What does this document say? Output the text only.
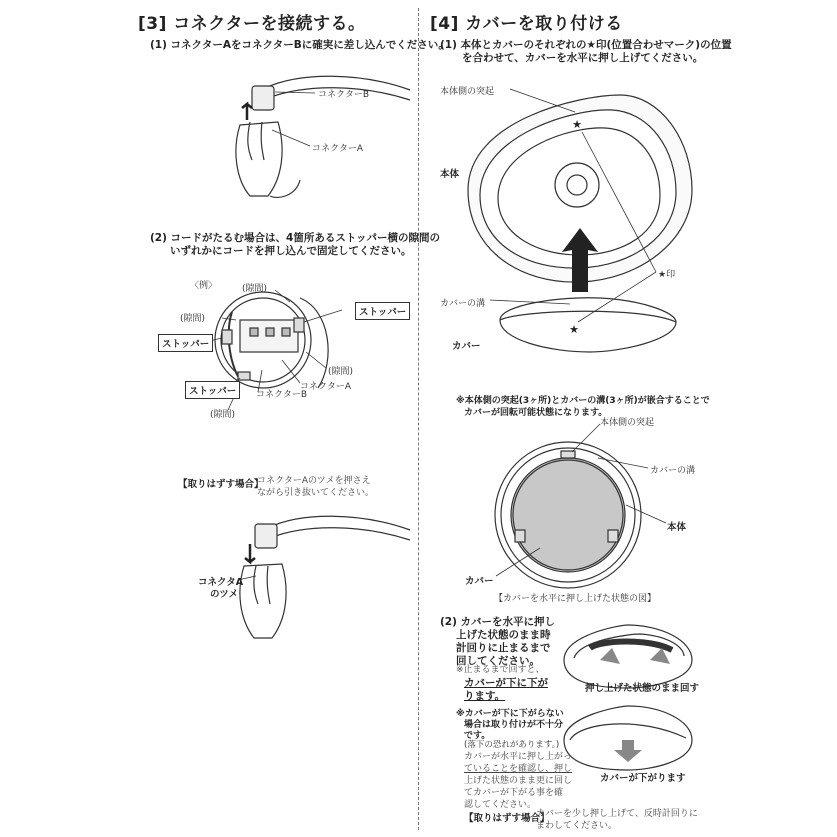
[3] コネクターを接続する。
(1) コネクターAをコネクターBに確実に差し込んでください。
★
★
コネクターB
コネクターA
(2) コードがたるむ場合は、4箇所あるストッパー横の隙間の
いずれかにコードを押し込んで固定してください。
〈例〉	(隙間)
(隙間)
ストッパー
ストッパー
(隙間)
ストッパー	コネクターA
コネクターB
(隙間)
【取りはずす場合】
コネクターAのツメを押さえ
ながら引き抜いてください。
コネクタA
のツメ
[4] カバーを取り付ける
(1) 本体とカバーのそれぞれの★印(位置合わせマーク)の位置
を合わせて、カバーを水平に押し上げてください。
本体側の突起
本体
★印
カバーの溝
カバー
※本体側の突起(3ヶ所)とカバーの溝(3ヶ所)が嵌合することで
カバーが回転可能状態になります。
本体側の突起
カバーの溝
本体
カバー
【カバーを水平に押し上げた状態の図】
(2) カバーを水平に押し
上げた状態のまま時
計回りに止まるまで
回してください。
※止まるまで回すと、
カバーが下に下が
ります。
押し上げた状態のまま回す
※カバーが下に下がらない
場合は取り付けが不十分
です。
(落下の恐れがあります。)
カバーが水平に押し上がっ
ていることを確認し、押し
上げた状態のまま更に回し
てカバーが下がる事を確
認してください。
カバーが下がります
【取りはずす場合】
カバーを少し押し上げて、反時計回りに
まわしてください。
